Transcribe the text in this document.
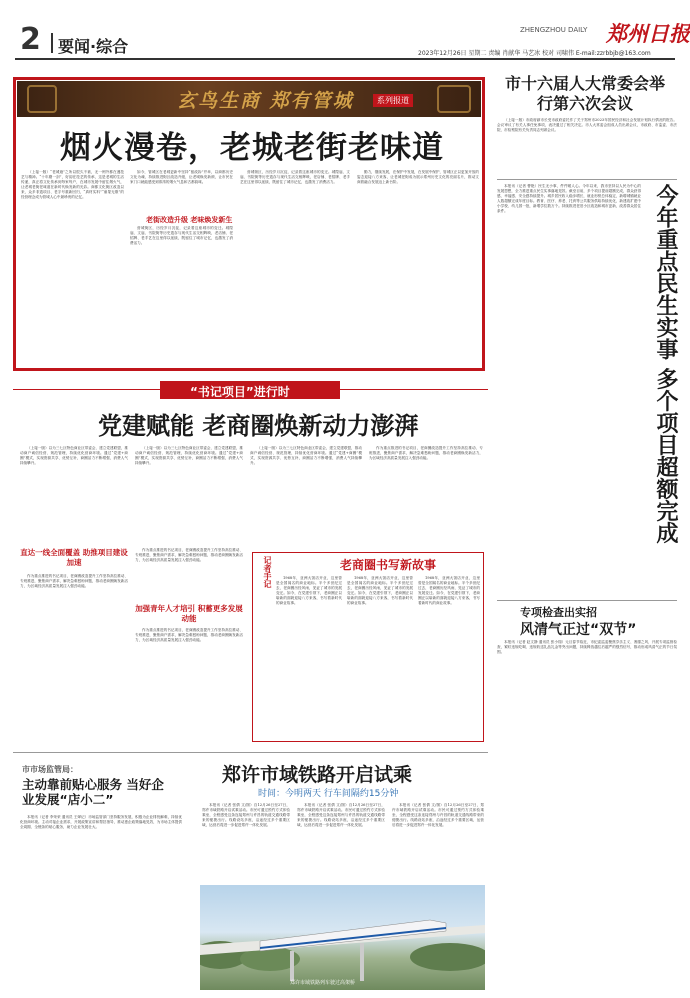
2 要闻·综合
ZHENGZHOU DAILY 郑州日报
2023年12月26日 星期二 责编 肖献华 马艺冰 校对 司啸伟 E-mail:zzrbbjb@163.com
玄鸟生商 郑有管城	系列报道
烟火漫卷，老城老街老味道
（上接一版）“老城遮”之所以很久不衰，无一例外都在遵技艺与精神。“十年磨一剑”，好韵在技艺的传承，这是老城的生活传递，真正将文化传承到每家每户，在城市发展中留住烟火气，让老城老街老味道在新时代焕发新的光彩。商都文化街区改造以来，众多非遗项目、老字号重新回归，“真材实料”“童叟无欺”的经营理念成为管城人心中最珍贵的记忆。
如今，管城区在老城更新中坚持“留改拆”并举，以商都历史文化为魂，持续推进街区改造升级，让老城焕发新颜，让市民在家门口就能感受到浓浓的烟火气息和古都韵味。
老街改造升级 老味焕发新生
营城街区，历经岁月沉淀，记录着这座城市的变迁。城隍庙、文庙、书院街等历史遗存与现代生活交相辉映，老店铺、老招牌、老手艺在这里得以延续，既留住了城市记忆，也激发了消费活力。
营城街区，历经岁月沉淀，记录着这座城市的变迁。城隍庙、文庙、书院街等历史遗存与现代生活交相辉映，老店铺、老招牌、老手艺在这里得以延续，既留住了城市记忆，也激发了消费活力。
勤力，继续发展，在保护中发展，在发展中保护，管城区正以更加开放的姿态迎接八方来客，让老城老街成为展示郑州历史文化的亮丽名片，推动文商旅融合发展迈上新台阶。
市十六届人大常委会举行第六次会议
（上接一版）市政府副市长受市政府委托作了关于郑州市2023年国民经济和社会发展计划执行情况的报告。会议审议了有关人事任免事项，表决通过了相关决定。市人大常委会组成人员出席会议，市政府、市监委、市法院、市检察院有关负责同志列席会议。
今年重点民生实事 多个项目超额完成
本报讯（记者 曹艳）民生无小事，件件暖人心。今年以来，我市坚持以人民为中心的发展思想，全力推进重点民生实事落地见效。截至目前，多个项目提前超额完成，群众获得感、幸福感、安全感持续提升。城乡居民收入稳步增长，就业形势总体稳定，新增城镇就业人数超额完成年度目标。教育、医疗、养老、托育等公共服务供给持续优化，新建改扩建中小学校、幼儿园一批，新增学位数万个。持续推进老旧小区改造和城市更新，改善群众居住条件。
“书记项目”进行时
党建赋能 老商圈焕新动力澎湃
（上接一版）以为三七区特色商业区带委会，建立党建联盟，推动商户诚信经营、规范管理，持续优化营商环境。通过“党建+商圈”模式，实现资源共享、优势互补，商圈活力不断增强，消费人气持续攀升。
直达一线全面覆盖 助推项目建设加速
作为重点推进的书记项目，老商圈改造提升工作坚持高位推动、专班推进，聚焦商户需求，解决急难愁盼问题，推动老商圈焕发新活力，为区域经济高质量发展注入强劲动能。
（上接一版）以为三七区特色商业区带委会，建立党建联盟，推动商户诚信经营、规范管理，持续优化营商环境。通过“党建+商圈”模式，实现资源共享、优势互补，商圈活力不断增强，消费人气持续攀升。
作为重点推进的书记项目，老商圈改造提升工作坚持高位推动、专班推进，聚焦商户需求，解决急难愁盼问题，推动老商圈焕发新活力，为区域经济高质量发展注入强劲动能。
加强青年人才培引 积蓄更多发展动能
作为重点推进的书记项目，老商圈改造提升工作坚持高位推动、专班推进，聚焦商户需求，解决急难愁盼问题，推动老商圈焕发新活力，为区域经济高质量发展注入强劲动能。
（上接一版）以为三七区特色商业区带委会，建立党建联盟，推动商户诚信经营、规范管理，持续优化营商环境。通过“党建+商圈”模式，实现资源共享、优势互补，商圈活力不断增强，消费人气持续攀升。
作为重点推进的书记项目，老商圈改造提升工作坚持高位推动、专班推进，聚焦商户需求，解决急难愁盼问题，推动老商圈焕发新活力，为区域经济高质量发展注入强劲动能。
记者手记	老商圈书写新故事
1968年，亚洲大饭店开业，这里曾是全国闻名的商业地标。半个多世纪过去，老商圈历经风雨，见证了城市的发展变迁。如今，在党建引领下，老商圈正以崭新的面貌迎接八方来客，书写着新时代的商业故事。
1968年，亚洲大饭店开业，这里曾是全国闻名的商业地标。半个多世纪过去，老商圈历经风雨，见证了城市的发展变迁。如今，在党建引领下，老商圈正以崭新的面貌迎接八方来客，书写着新时代的商业故事。
1968年，亚洲大饭店开业，这里曾是全国闻名的商业地标。半个多世纪过去，老商圈历经风雨，见证了城市的发展变迁。如今，在党建引领下，老商圈正以崭新的面貌迎接八方来客，书写着新时代的商业故事。
市市场监管局：
主动靠前贴心服务 当好企业发展“店小二”
本报讯（记者 李荣荣 通讯员 王婵记）市场监管部门坚持服务发展，积极为企业排忧解难，持续优化营商环境。主动对接企业需求，开展政策宣讲和帮扶指导，推动惠企政策落地见效，为市场主体提供全周期、全链条的贴心服务，助力企业发展壮大。
郑许市域铁路开启试乘
时间：今明两天 行车间隔约15分钟
本报讯（记者 张倩 文/图）自12月26日至27日，郑许市域铁路开启试乘活动。市民可通过预约方式体验乘坐，全程感受这条连接郑州与许昌的轨道交通线路带来的便捷出行。线路设站多座，沿途经过多个重要区域，运营后将进一步促进郑许一体化发展。
本报讯（记者 张倩 文/图）自12月26日至27日，郑许市域铁路开启试乘活动。市民可通过预约方式体验乘坐，全程感受这条连接郑州与许昌的轨道交通线路带来的便捷出行。线路设站多座，沿途经过多个重要区域，运营后将进一步促进郑许一体化发展。
本报讯（记者 张倩 文/图）自12月26日至27日，郑许市域铁路开启试乘活动。市民可通过预约方式体验乘坐，全程感受这条连接郑州与许昌的轨道交通线路带来的便捷出行。线路设站多座，沿途经过多个重要区域，运营后将进一步促进郑许一体化发展。
郑许市域铁路列车驶过高架桥
专项检查出实招
风清气正过“双节”
本报讯（记者 赵文静 通讯员 张小翔）元旦春节临近，市纪委监委聚焦享乐主义、奢靡之风，开展专项监督检查，紧盯违规吃喝、违规收送礼品礼金等突出问题，持续释放越往后越严的强烈信号，推动形成风清气正的节日氛围。
